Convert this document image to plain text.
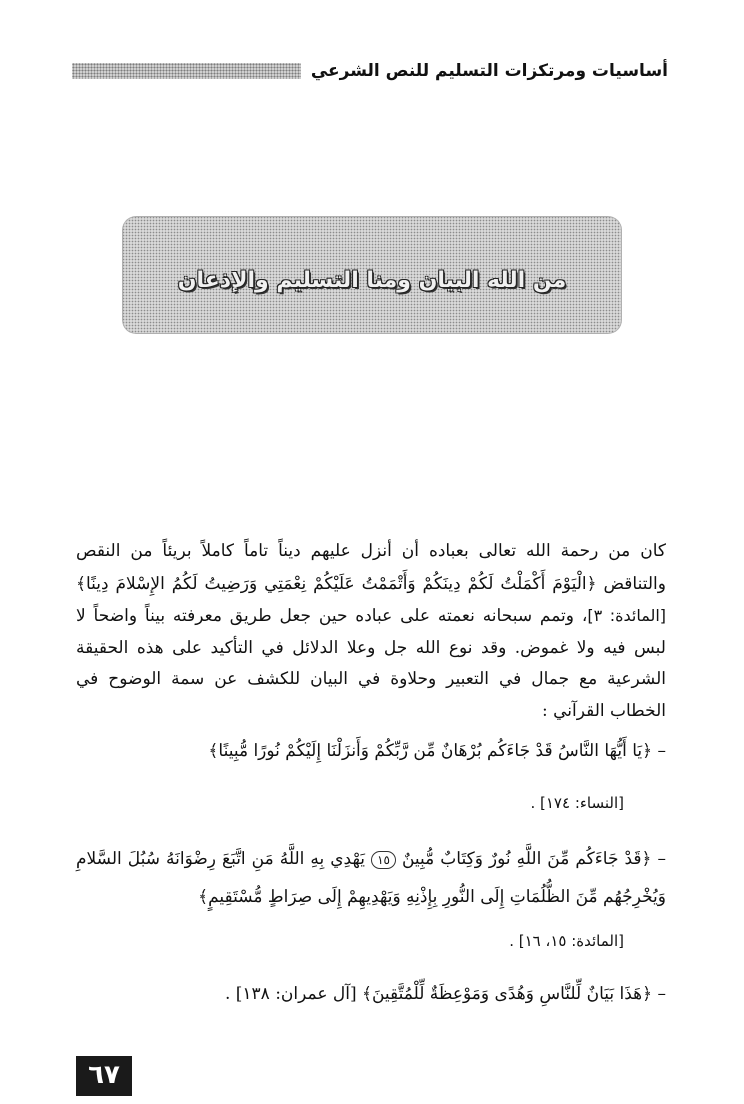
أساسيات ومرتكزات التسليم للنص الشرعي
من الله البيان ومنا التسليم والإذعان
كان من رحمة الله تعالى بعباده أن أنزل عليهم ديناً تاماً كاملاً بريئاً من النقص والتناقض ﴿الْيَوْمَ أَكْمَلْتُ لَكُمْ دِينَكُمْ وَأَتْمَمْتُ عَلَيْكُمْ نِعْمَتِي وَرَضِيتُ لَكُمُ الإِسْلامَ دِينًا﴾ [المائدة: ٣]، وتمم سبحانه نعمته على عباده حين جعل طريق معرفته بيناً واضحاً لا لبس فيه ولا غموض. وقد نوع الله جل وعلا الدلائل في التأكيد على هذه الحقيقة الشرعية مع جمال في التعبير وحلاوة في البيان للكشف عن سمة الوضوح في الخطاب القرآني :
– ﴿يَا أَيُّهَا النَّاسُ قَدْ جَاءَكُم بُرْهَانٌ مِّن رَّبِّكُمْ وَأَنزَلْنَا إِلَيْكُمْ نُورًا مُّبِينًا﴾
[النساء: ١٧٤] .
– ﴿قَدْ جَاءَكُم مِّنَ اللَّهِ نُورٌ وَكِتَابٌ مُّبِينٌ ١٥ يَهْدِي بِهِ اللَّهُ مَنِ اتَّبَعَ رِضْوَانَهُ سُبُلَ السَّلامِ وَيُخْرِجُهُم مِّنَ الظُّلُمَاتِ إِلَى النُّورِ بِإِذْنِهِ وَيَهْدِيهِمْ إِلَى صِرَاطٍ مُّسْتَقِيمٍ﴾
[المائدة: ١٥، ١٦] .
– ﴿هَذَا بَيَانٌ لِّلنَّاسِ وَهُدًى وَمَوْعِظَةٌ لِّلْمُتَّقِينَ﴾ [آل عمران: ١٣٨] .
٦٧
